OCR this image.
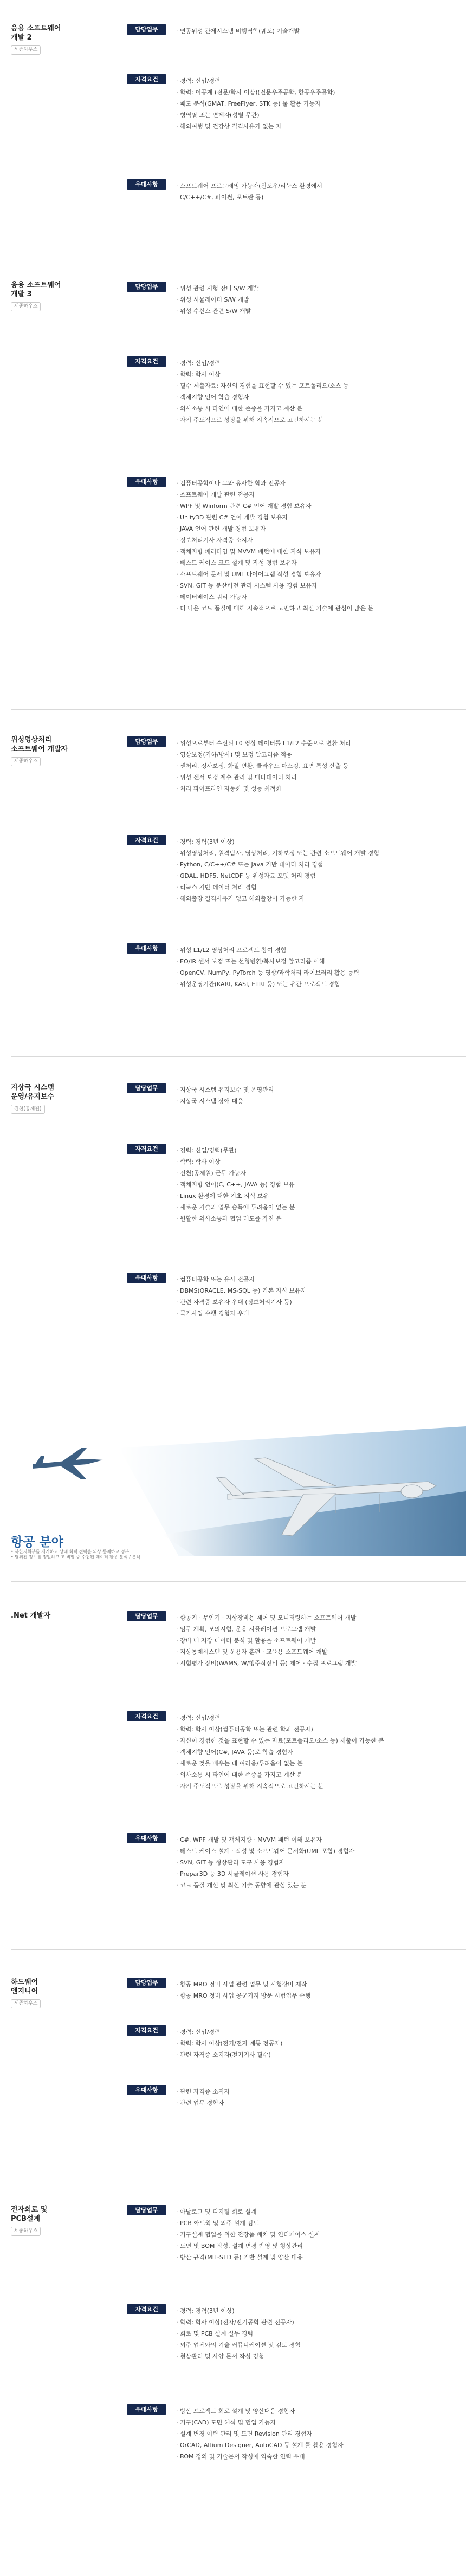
응용 소프트웨어
개발 2
세종하우스
담당업무	· 연공위성 관제시스템 비행역학(궤도) 기술개발
자격요건	· 경력: 신입/경력
· 학력: 이공계 (전문/학사 이상)(전문우주공학, 항공우주공학)
· 패도 분석(GMAT, FreeFlyer, STK 등) 툴 활용 가능자
· 병역필 또는 면제자(성별 무관)
· 해외여행 및 건강상 결격사유가 없는 자
우대사항	· 소프트웨어 프로그래밍 가능자(윈도우/리눅스 환경에서
C/C++/C#, 파이썬, 포트란 등)
응용 소프트웨어
개발 3
세종하우스
담당업무	· 위성 관련 시험 장비 S/W 개발
· 위성 시뮬레이터 S/W 개발
· 위성 수신소 관련 S/W 개발
자격요건	· 경력: 신입/경력
· 학력: 학사 이상
· 필수 제출자료: 자신의 경험을 표현할 수 있는 포트폴리오/소스 등
· 객체지향 언어 학습 경험자
· 의사소통 시 타인에 대한 존중을 가지고 계산 분
· 자기 주도적으로 성장을 위해 지속적으로 고민하시는 분
우대사항	· 컴퓨터공학이나 그와 유사한 학과 전공자
· 소프트웨어 개발 관련 전공자
· WPF 및 Winform 관련 C# 언어 개발 경험 보유자
· Unity3D 관련 C# 언어 개발 경험 보유자
· JAVA 언어 관련 개발 경험 보유자
· 정보처리기사 자격증 소지자
· 객체지향 패러다임 및 MVVM 패턴에 대한 지식 보유자
· 테스트 케이스 코드 설계 및 작성 경험 보유자
· 소프트웨어 문서 및 UML 다이어그램 작성 경험 보유자
· SVN, GIT 등 분산버전 관리 시스템 사용 경험 보유자
· 데이터베이스 쿼리 가능자
· 더 나은 코드 품질에 대해 지속적으로 고민하고 최신 기술에 관심이 많은 분
위성영상처리
소프트웨어 개발자
세종하우스
담당업무	· 위성으로부터 수신된 L0 영상 데이터를 L1/L2 수준으로 변환 처리
· 영상보정(기하/방사) 및 보정 알고리즘 적용
· 센처리, 정사보정, 화질 변환, 클라우드 마스킹, 표면 특성 산출 등
· 위성 센서 보정 계수 관리 및 메타데이터 처리
· 처리 파이프라인 자동화 및 성능 최적화
자격요건	· 경력: 경력(3년 이상)
· 위성영상처리, 원격탐사, 영상처리, 기하보정 또는 관련 소프트웨어 개발 경험
· Python, C/C++/C# 또는 Java 기반 데이터 처리 경험
· GDAL, HDF5, NetCDF 등 위성자료 포맷 처리 경험
· 리눅스 기반 데이터 처리 경험
· 해외출장 결격사유가 없고 해외출장이 가능한 자
우대사항	· 위성 L1/L2 영상처리 프로젝트 참여 경험
· EO/IR 센서 보정 또는 선형변환/복사보정 알고리즘 이해
· OpenCV, NumPy, PyTorch 등 영상/과학처리 라이브러리 활용 능력
· 위성운영기관(KARI, KASI, ETRI 등) 또는 유관 프로젝트 경험
지상국 시스템
운영/유지보수
진천(공제원)
담당업무	· 지상국 시스템 유지보수 및 운영관리
· 지상국 시스템 장애 대응
자격요건	· 경력: 신입/경력(무관)
· 학력: 학사 이상
· 진천(공제원) 근무 가능자
· 객체지향 언어(C, C++, JAVA 등) 경험 보유
· Linux 환경에 대한 기초 지식 보유
· 새로운 기술과 업무 습득에 두려움이 없는 분
· 원활한 의사소통과 협업 태도를 가진 분
우대사항	· 컴퓨터공학 또는 유사 전공자
· DBMS(ORACLE, MS-SQL 등) 기본 지식 보유자
· 관련 자격증 보유자 우대 (정보처리기사 등)
· 국가사업 수행 경험자 우대
항공 분야
• 북한지휘부를 제거하고 상대 화력 전력을 의상 통제하고 정부
• 탈취된 정보를 정밀하고 고 비행 중 수집된 데이터 활용 분석 / 분석
.Net 개발자	담당업무	· 항공기 · 무인기 · 지상장비용 제어 및 모니터링하는 소프트웨어 개발
· 임무 계획, 모의시험, 운용 시뮬레이션 프로그램 개발
· 장비 내 저장 데이터 분석 및 활용을 소프트웨어 개발
· 지상통제시스템 및 운용자 훈련 · 교육용 소프트웨어 개발
· 시험평가 장비(WAMS, W/행주작장비 등) 제어 · 수집 프로그램 개발
자격요건	· 경력: 신입/경력
· 학력: 학사 이상(컴퓨터공학 또는 관련 학과 전공자)
· 자신이 경험한 것을 표현할 수 있는 자료(포트폴리오/소스 등) 제출이 가능한 분
· 객체지향 언어(C#, JAVA 등)로 학습 경험자
· 새로운 것을 배우는 데 여러움/두려움이 없는 분
· 의사소통 시 타인에 대한 존중을 가지고 계산 분
· 자기 주도적으로 성장을 위해 지속적으로 고민하시는 분
우대사항	· C#, WPF 개발 및 객체지향 · MVVM 패턴 이해 보유자
· 테스트 케이스 설계 · 작성 및 소프트웨어 문서화(UML 포함) 경험자
· SVN, GIT 등 형상관리 도구 사용 경험자
· Prepar3D 등 3D 시뮬레이션 사용 경험자
· 코드 품질 개선 및 최신 기술 동향에 관심 있는 분
하드웨어
엔지니어
세종하우스
담당업무	· 항공 MRO 정비 사업 관련 업무 및 시험장비 제작
· 항공 MRO 정비 사업 공군기지 방문 시험업무 수행
자격요건	· 경력: 신입/경력
· 학력: 학사 이상(전기/전자 계통 전공자)
· 관련 자격증 소지자(전기기사 필수)
우대사항	· 관련 자격증 소지자
· 관련 업무 경험자
전자회로 및
PCB설계
세종하우스
담당업무	· 아날로그 및 디지털 회로 설계
· PCB 아트웍 및 외주 설계 검토
· 기구설계 협업을 위한 전장품 배치 및 인터페이스 설계
· 도면 및 BOM 작성, 설계 변경 반영 및 형상관리
· 방산 규격(MIL-STD 등) 기반 설계 및 양산 대응
자격요건	· 경력: 경력(3년 이상)
· 학력: 학사 이상(전자/전기공학 관련 전공자)
· 회로 및 PCB 설계 실무 경력
· 외주 업체와의 기술 커뮤니케이션 및 검토 경험
· 형상관리 및 사양 문서 작성 경험
우대사항	· 방산 프로젝트 회로 설계 및 양산대응 경험자
· 기구(CAD) 도면 해석 및 협업 가능자
· 설계 변경 이력 관리 및 도면 Revision 관리 경험자
· OrCAD, Altium Designer, AutoCAD 등 설계 툴 활용 경험자
· BOM 정의 및 기술문서 작성에 익숙한 인력 우대
